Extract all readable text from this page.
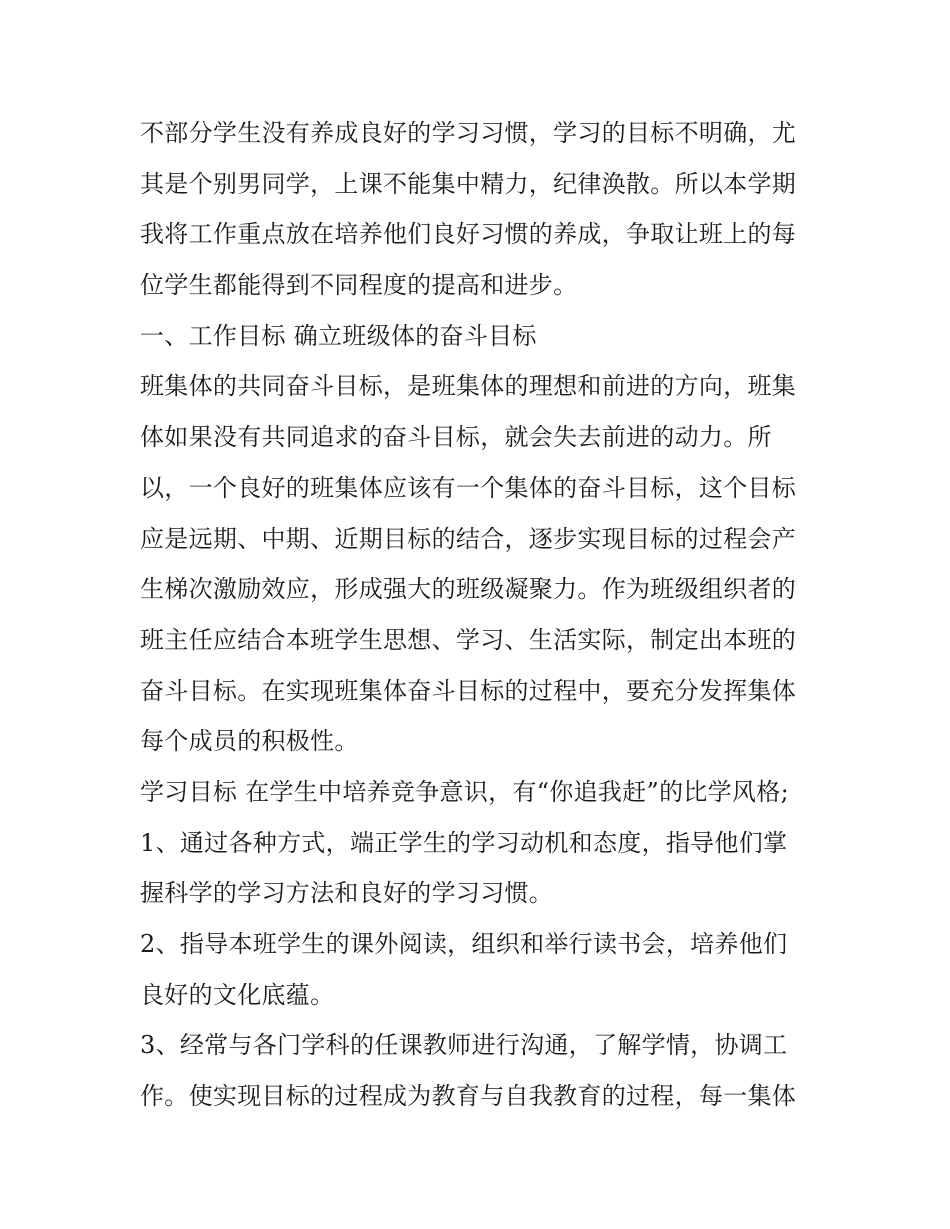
不部分学生没有养成良好的学习习惯，学习的目标不明确，尤
其是个别男同学，上课不能集中精力，纪律涣散。所以本学期
我将工作重点放在培养他们良好习惯的养成，争取让班上的每
位学生都能得到不同程度的提高和进步。
一、工作目标 确立班级体的奋斗目标
班集体的共同奋斗目标，是班集体的理想和前进的方向，班集
体如果没有共同追求的奋斗目标，就会失去前进的动力。所
以，一个良好的班集体应该有一个集体的奋斗目标，这个目标
应是远期、中期、近期目标的结合，逐步实现目标的过程会产
生梯次激励效应，形成强大的班级凝聚力。作为班级组织者的
班主任应结合本班学生思想、学习、生活实际，制定出本班的
奋斗目标。在实现班集体奋斗目标的过程中，要充分发挥集体
每个成员的积极性。
学习目标 在学生中培养竞争意识，有“你追我赶”的比学风格;
1、通过各种方式，端正学生的学习动机和态度，指导他们掌
握科学的学习方法和良好的学习习惯。
2、指导本班学生的课外阅读，组织和举行读书会，培养他们
良好的文化底蕴。
3、经常与各门学科的任课教师进行沟通，了解学情，协调工
作。使实现目标的过程成为教育与自我教育的过程，每一集体
